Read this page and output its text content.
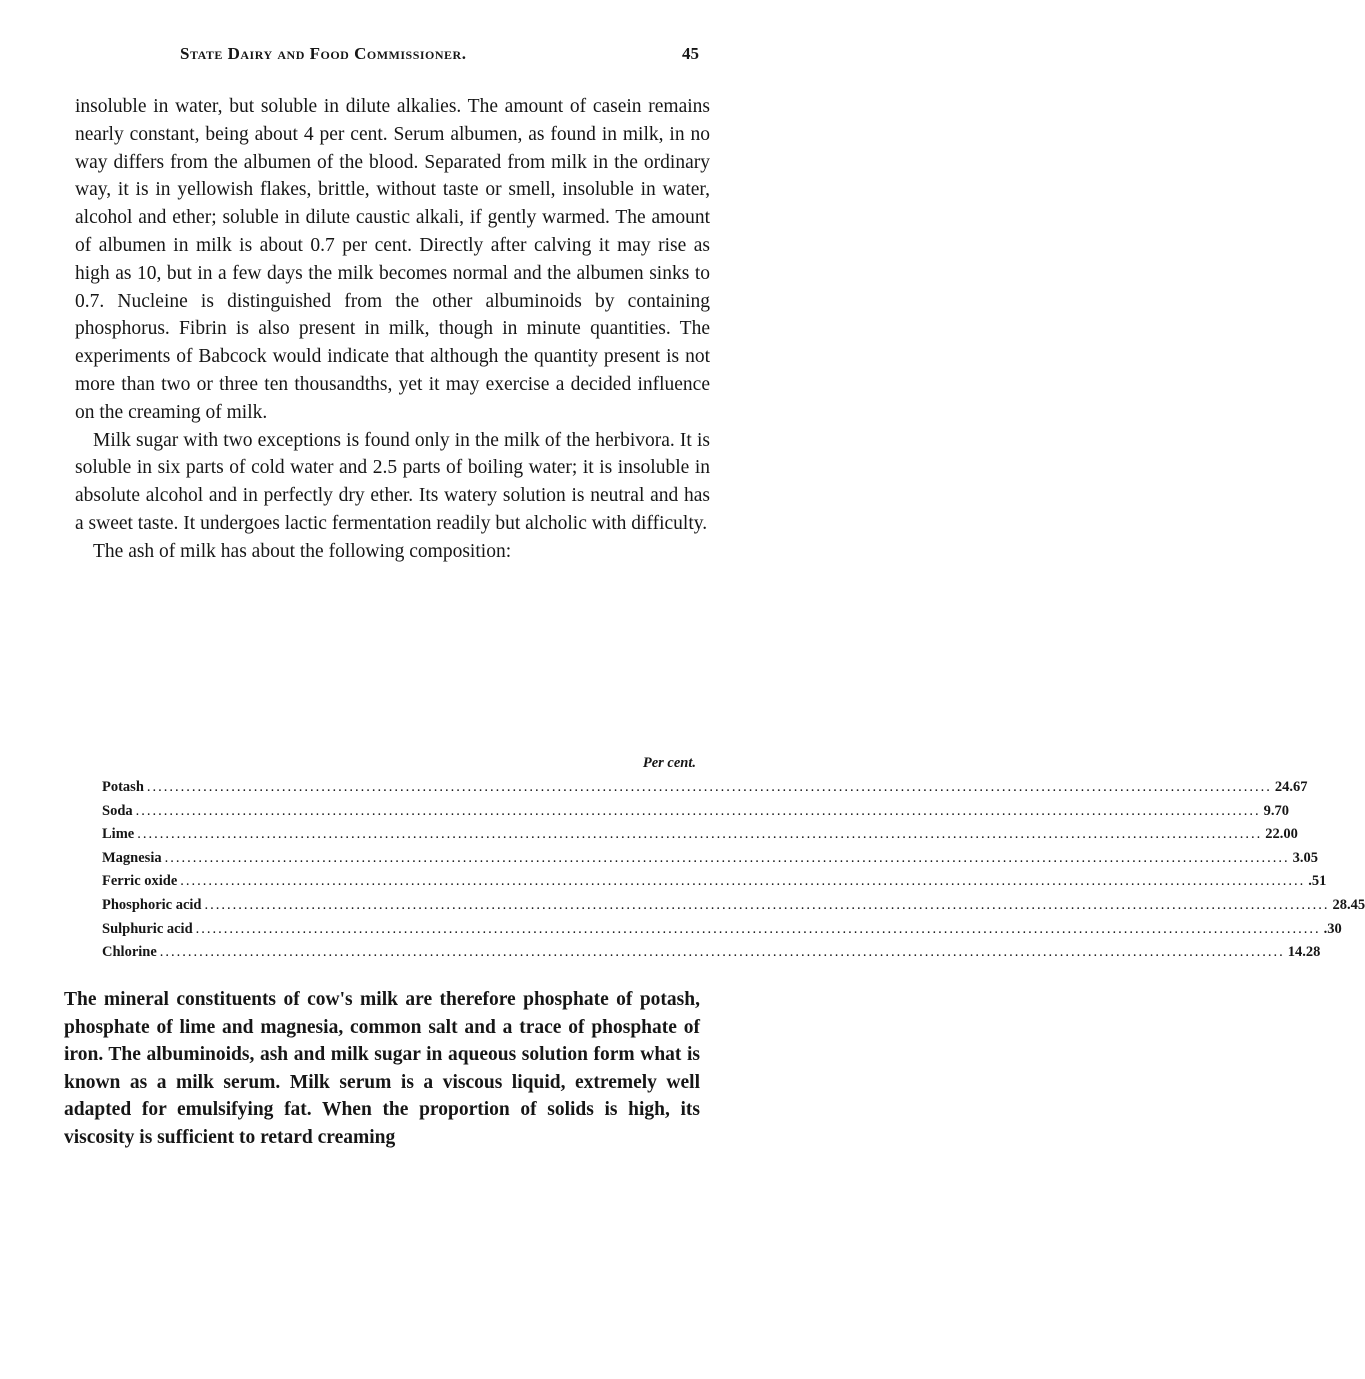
State Dairy and Food Commissioner.	45

insoluble in water, but soluble in dilute alkalies. The amount of casein remains nearly constant, being about 4 per cent. Serum albumen, as found in milk, in no way differs from the albumen of the blood. Separated from milk in the ordinary way, it is in yellowish flakes, brittle, without taste or smell, insoluble in water, alcohol and ether; soluble in dilute caustic alkali, if gently warmed. The amount of albumen in milk is about 0.7 per cent. Directly after calving it may rise as high as 10, but in a few days the milk becomes normal and the albumen sinks to 0.7. Nucleine is distinguished from the other albuminoids by containing phosphorus. Fibrin is also present in milk, though in minute quantities. The experiments of Babcock would indicate that although the quantity present is not more than two or three ten thousandths, yet it may exercise a decided influence on the creaming of milk.

Milk sugar with two exceptions is found only in the milk of the herbivora. It is soluble in six parts of cold water and 2.5 parts of boiling water; it is insoluble in absolute alcohol and in perfectly dry ether. Its watery solution is neutral and has a sweet taste. It undergoes lactic fermentation readily but alcholic with difficulty.

The ash of milk has about the following composition:

Per cent.
Potash ........................................................................................................................................................................................................ 24.67
Soda ........................................................................................................................................................................................................ 9.70
Lime ........................................................................................................................................................................................................ 22.00
Magnesia ........................................................................................................................................................................................................ 3.05
Ferric oxide ........................................................................................................................................................................................................ .51
Phosphoric acid ........................................................................................................................................................................................................ 28.45
Sulphuric acid ........................................................................................................................................................................................................ .30
Chlorine ........................................................................................................................................................................................................ 14.28

The mineral constituents of cow's milk are therefore phosphate of potash, phosphate of lime and magnesia, common salt and a trace of phosphate of iron. The albuminoids, ash and milk sugar in aqueous solution form what is known as a milk serum. Milk serum is a viscous liquid, extremely well adapted for emulsifying fat. When the proportion of solids is high, its viscosity is sufficient to retard creaming
